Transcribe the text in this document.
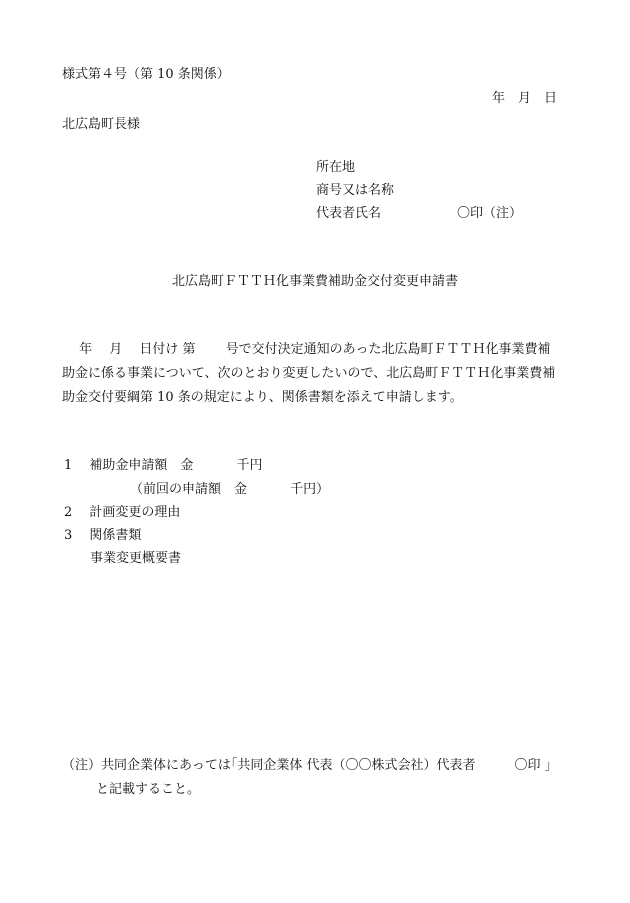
様式第４号（第 10 条関係）
年　月　日
北広島町長様
所在地
商号又は名称
代表者氏名	〇印（注）
北広島町ＦＴＴＨ化事業費補助金交付変更申請書
　 年　 月　 日付け 第　　 号で交付決定通知のあった北広島町ＦＴＴＨ化事業費補
助金に係る事業について、次のとおり変更したいので、北広島町ＦＴＴＨ化事業費補
助金交付要綱第 10 条の規定により、関係書類を添えて申請します。
1　 補助金申請額　金　　　 千円
（前回の申請額　金　　　 千円）
2　 計画変更の理由
3　 関係書類
事業変更概要書
（注）共同企業体にあっては｢共同企業体 代表（〇〇株式会社）代表者　　　〇印 ｣
と記載すること。
